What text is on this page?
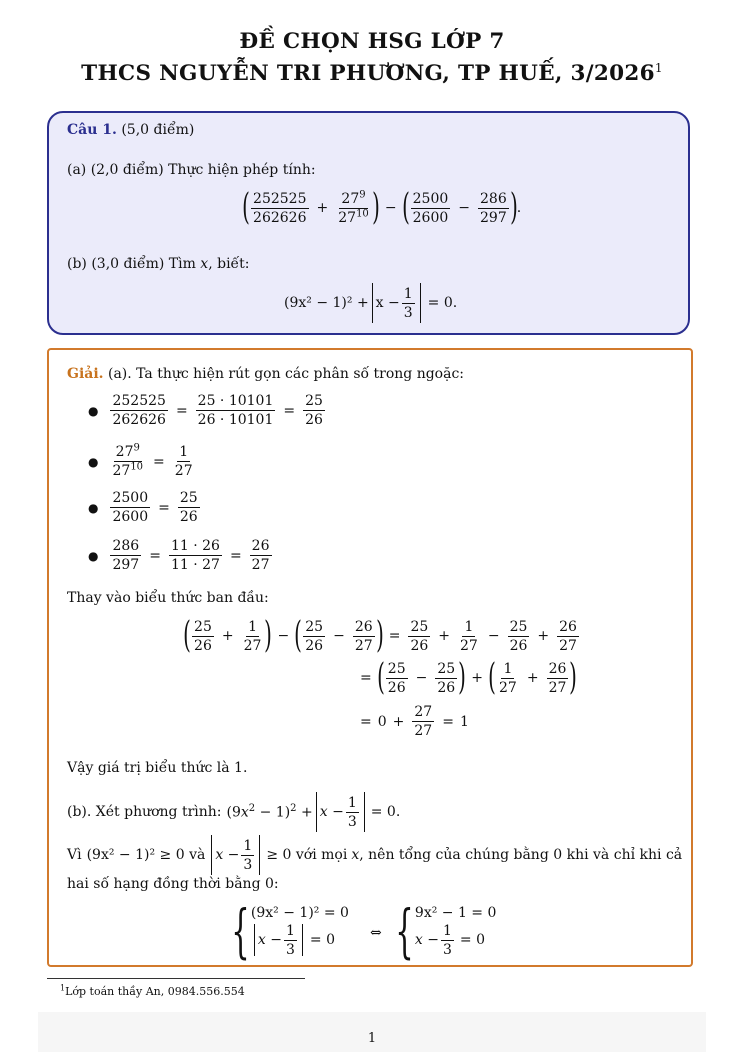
ĐỀ CHỌN HSG LỚP 7
THCS NGUYỄN TRI PHƯƠNG, TP HUẾ, 3/2026$^1$
Câu 1. (5,0 điểm)
(a) (2,0 điểm) Thực hiện phép tính:
( $\frac{252525}{262626} + \frac{27^9}{27^{10}}$ ) − ( $\frac{2500}{2600} - \frac{286}{297}$ ) .
(b) (3,0 điểm) Tìm x, biết:
$(9x^2 - 1)^2 + x - \frac{1}{3} = 0$.
Giải. (a). Ta thực hiện rút gọn các phân số trong ngoặc:
● $\frac{252525}{262626} = \frac{25 \cdot 10101}{26 \cdot 10101} = \frac{25}{26}$
● $\frac{27^9}{27^{10}} = \frac{1}{27}$
● $\frac{2500}{2600} = \frac{25}{26}$
● $\frac{286}{297} = \frac{11 \cdot 26}{11 \cdot 27} = \frac{26}{27}$
Thay vào biểu thức ban đầu:
( $\frac{25}{26} + \frac{1}{27}$ ) − ( $\frac{25}{26} - \frac{26}{27}$ ) = $\frac{25}{26} + \frac{1}{27} - \frac{25}{26} + \frac{26}{27}$
= ( $\frac{25}{26} - \frac{25}{26}$ ) + ( $\frac{1}{27} + \frac{26}{27}$ )
= $0 + \frac{27}{27} = 1$
Vậy giá trị biểu thức là 1.
(b). Xét phương trình: $(9x^2 - 1)^2 + x - \frac{1}{3} = 0$.
Vì (9x² − 1)² ≥ 0 và $x - \frac{1}{3} \ge 0$ với mọi x , nên tổng của chúng bằng 0 khi và chỉ khi cả
hai số hạng đồng thời bằng 0:
{ (9x² − 1)² = 0
$x - \frac{1}{3} = 0$ ⇔ { 9x² − 1 = 0
$x - \frac{1}{3} = 0$
$^1$Lớp toán thầy An, 0984.556.554
1
